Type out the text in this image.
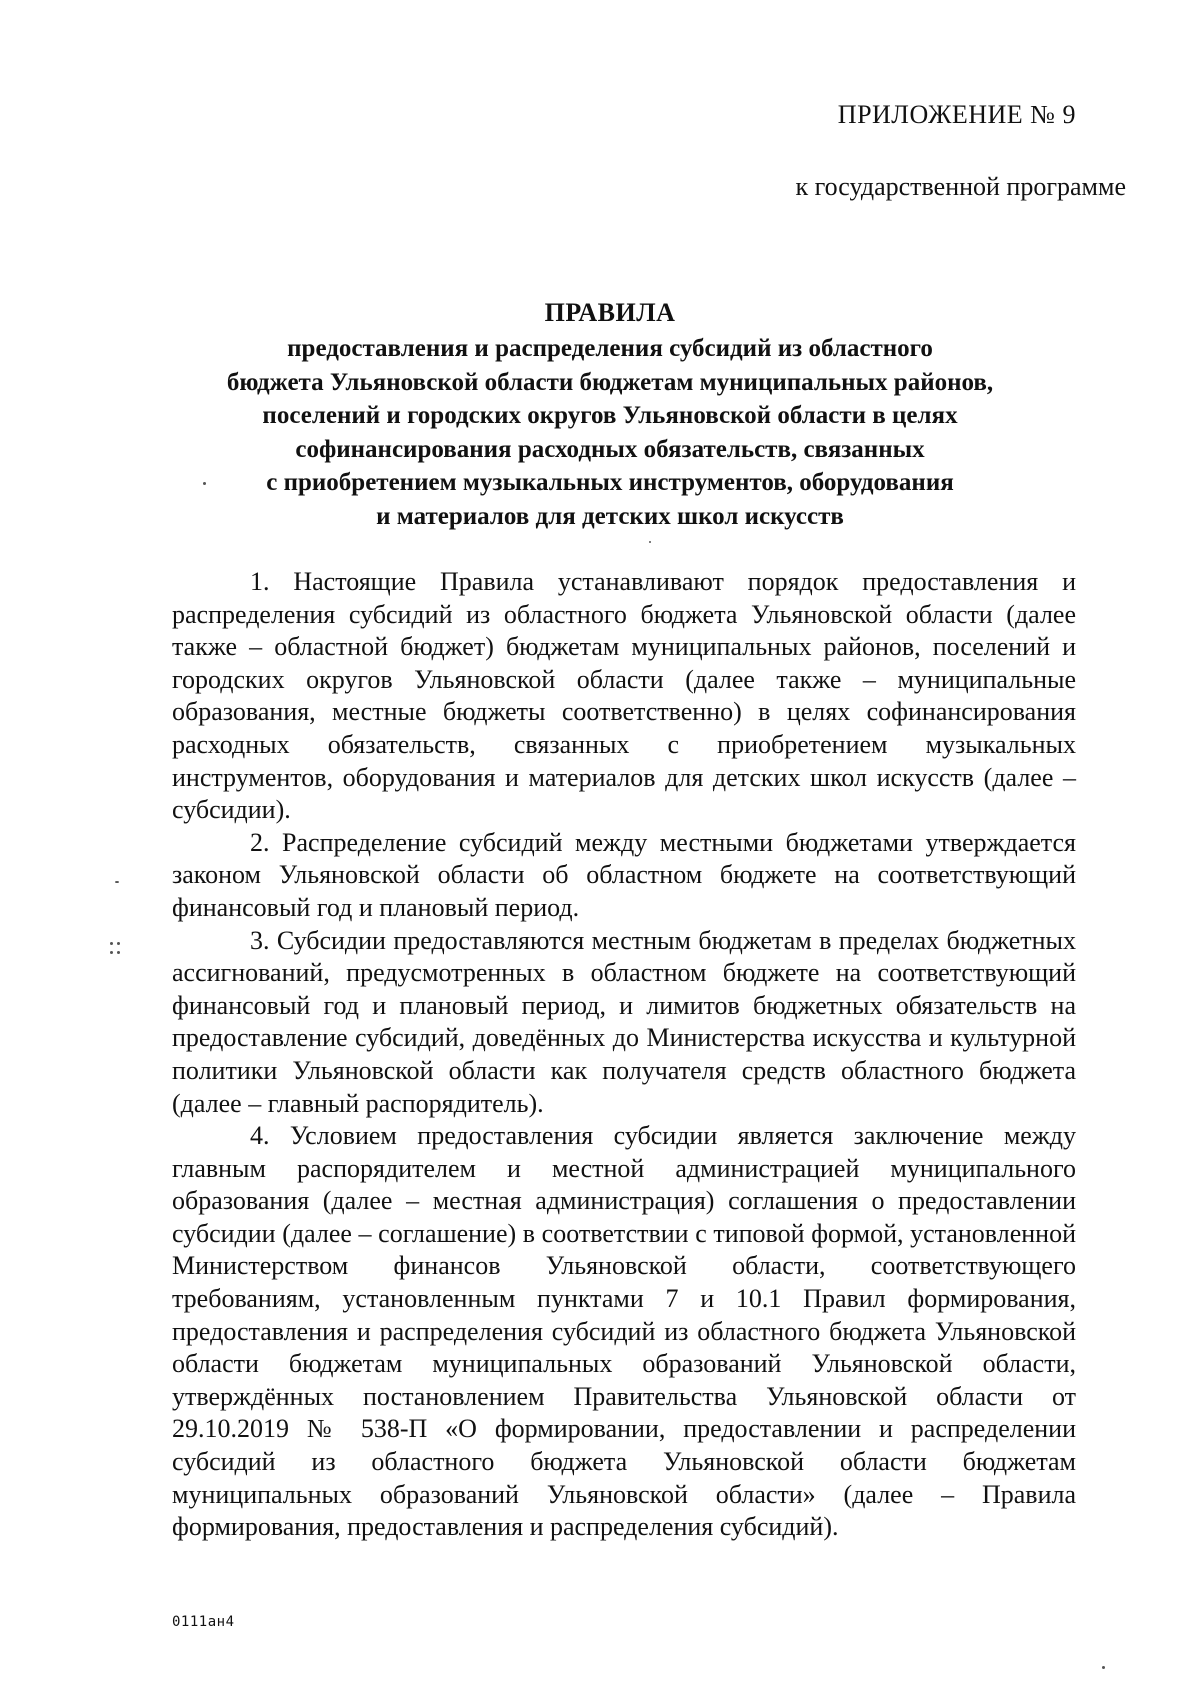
ПРИЛОЖЕНИЕ № 9
к государственной программе
ПРАВИЛА
предоставления и распределения субсидий из областного
бюджета Ульяновской области бюджетам муниципальных районов,
поселений и городских округов Ульяновской области в целях
софинансирования расходных обязательств, связанных
с приобретением музыкальных инструментов, оборудования
и материалов для детских школ искусств

1. Настоящие Правила устанавливают порядок предоставления и распределения субсидий из областного бюджета Ульяновской области (далее также – областной бюджет) бюджетам муниципальных районов, поселений и городских округов Ульяновской области (далее также – муниципальные образования, местные бюджеты соответственно) в целях софинансирования расходных обязательств, связанных с приобретением музыкальных инструментов, оборудования и материалов для детских школ искусств (далее – субсидии).

2. Распределение субсидий между местными бюджетами утверждается законом Ульяновской области об областном бюджете на соответствующий финансовый год и плановый период.

3. Субсидии предоставляются местным бюджетам в пределах бюджетных ассигнований, предусмотренных в областном бюджете на соответствующий финансовый год и плановый период, и лимитов бюджетных обязательств на предоставление субсидий, доведённых до Министерства искусства и культурной политики Ульяновской области как получателя средств областного бюджета (далее – главный распорядитель).

4. Условием предоставления субсидии является заключение между главным распорядителем и местной администрацией муниципального образования (далее – местная администрация) соглашения о предоставлении субсидии (далее – соглашение) в соответствии с типовой формой, установленной Министерством финансов Ульяновской области, соответствующего требованиям, установленным пунктами 7 и 10.1 Правил формирования, предоставления и распределения субсидий из областного бюджета Ульяновской области бюджетам муниципальных образований Ульяновской области, утверждённых постановлением Правительства Ульяновской области от 29.10.2019 № 538-П «О формировании, предоставлении и распределении субсидий из областного бюджета Ульяновской области бюджетам муниципальных образований Ульяновской области» (далее – Правила формирования, предоставления и распределения субсидий).

0111ан4
